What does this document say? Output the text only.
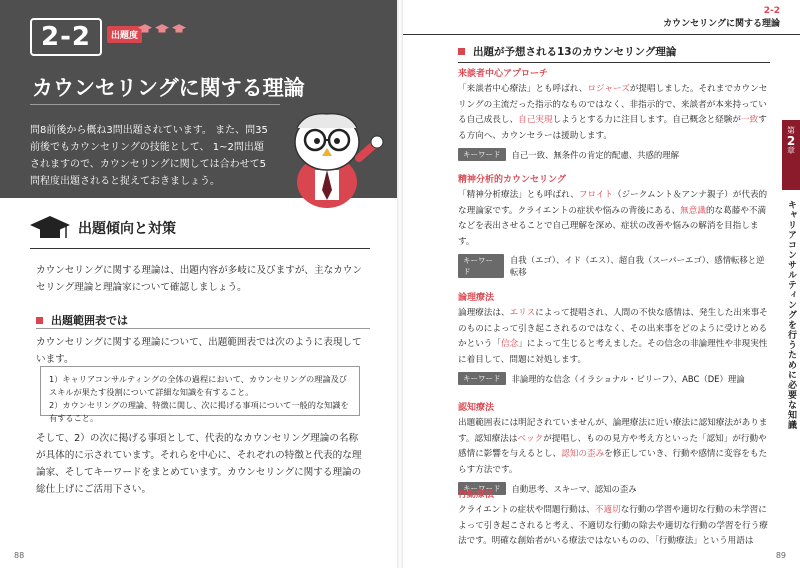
2-2	出題度
カウンセリングに関する理論
問8前後から概ね3問出題されています。 また、問35前後でもカウンセリングの技能として、 1~2問出題されますので、カウンセリングに関しては合わせて5問程度出題されると捉えておきましょう。
出題傾向と対策
カウンセリングに関する理論は、出題内容が多岐に及びますが、主なカウンセリング理論と理論家について確認しましょう。
出題範囲表では
カウンセリングに関する理論について、出題範囲表では次のように表現しています。
1）キャリアコンサルティングの全体の過程において、カウンセリングの理論及びスキルが果たす役割について詳細な知識を有すること。
2）カウンセリングの理論、特徴に関し、次に掲げる事項について一般的な知識を有すること。
そして、2）の次に掲げる事項として、代表的なカウンセリング理論の名称が具体的に示されています。それらを中心に、それぞれの特徴と代表的な理論家、そしてキーワードをまとめています。カウンセリングに関する理論の総仕上げにご活用下さい。
88
2-2
カウンセリングに関する理論
第
2
章
キャリアコンサルティングを行うために必要な知識
出題が予想される13のカウンセリング理論
来談者中心アプローチ
「来談者中心療法」とも呼ばれ、ロジャーズが提唱しました。それまでカウンセリングの主流だった指示的なものではなく、非指示的で、来談者が本来持っている自己成長し、自己実現しようとする力に注目します。自己概念と経験が一致する方向へ、カウンセラーは援助します。
キーワード	自己一致、無条件の肯定的配慮、共感的理解
精神分析的カウンセリング
「精神分析療法」とも呼ばれ、フロイト（ジークムント＆アンナ親子）が代表的な理論家です。クライエントの症状や悩みの背後にある、無意識的な葛藤や不満などを表出させることで自己理解を深め、症状の改善や悩みの解消を目指します。
キーワード
自我（エゴ）、イド（エス）、超自我（スーパーエゴ）、感情転移と逆転移
論理療法
論理療法は、エリスによって提唱され、人間の不快な感情は、発生した出来事そのものによって引き起こされるのではなく、その出来事をどのように受けとめるかという「信念」によって生じると考えました。その信念の非論理性や非現実性に着目して、問題に対処します。
キーワード	非論理的な信念（イラショナル・ビリーフ）、ABC（DE）理論
認知療法
出題範囲表には明記されていませんが、論理療法に近い療法に認知療法があります。認知療法はベックが提唱し、ものの見方や考え方といった「認知」が行動や感情に影響を与えるとし、認知の歪みを修正していき、行動や感情に変容をもたらす方法です。
キーワード	自動思考、スキーマ、認知の歪み
行動療法
クライエントの症状や問題行動は、不適切な行動の学習や適切な行動の未学習によって引き起こされると考え、不適切な行動の除去や適切な行動の学習を行う療法です。明確な創始者がいる療法ではないものの、「行動療法」という用語は
89
